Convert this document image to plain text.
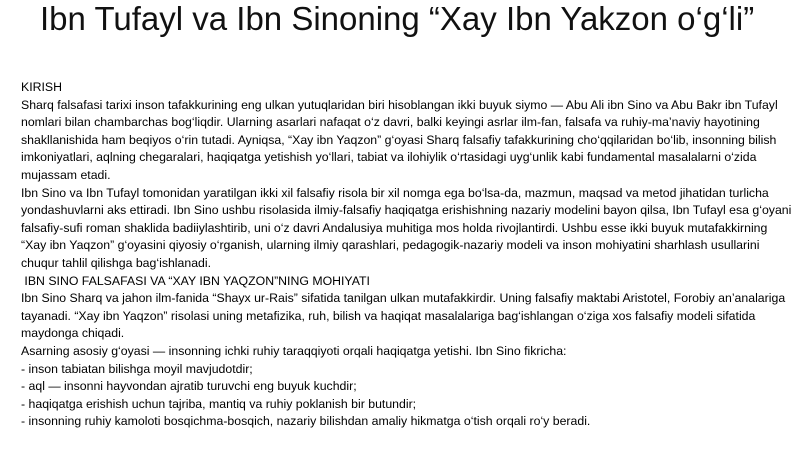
Ibn Tufayl va Ibn Sinoning “Xay Ibn Yakzon o‘g‘li”

KIRISH

Sharq falsafasi tarixi inson tafakkurining eng ulkan yutuqlaridan biri hisoblangan ikki buyuk siymo — Abu Ali ibn Sino va Abu Bakr ibn Tufayl nomlari bilan chambarchas bog‘liqdir. Ularning asarlari nafaqat o‘z davri, balki keyingi asrlar ilm-fan, falsafa va ruhiy-ma’naviy hayotining shakllanishida ham beqiyos o‘rin tutadi. Ayniqsa, “Xay ibn Yaqzon” g‘oyasi Sharq falsafiy tafakkurining cho‘qqilaridan bo‘lib, insonning bilish imkoniyatlari, aqlning chegaralari, haqiqatga yetishish yo‘llari, tabiat va ilohiylik o‘rtasidagi uyg‘unlik kabi fundamental masalalarni o‘zida mujassam etadi.

Ibn Sino va Ibn Tufayl tomonidan yaratilgan ikki xil falsafiy risola bir xil nomga ega bo‘lsa-da, mazmun, maqsad va metod jihatidan turlicha yondashuvlarni aks ettiradi. Ibn Sino ushbu risolasida ilmiy-falsafiy haqiqatga erishishning nazariy modelini bayon qilsa, Ibn Tufayl esa g‘oyani falsafiy-sufi roman shaklida badiiylashtirib, uni o‘z davri Andalusiya muhitiga mos holda rivojlantirdi. Ushbu esse ikki buyuk mutafakkirning “Xay ibn Yaqzon” g‘oyasini qiyosiy o‘rganish, ularning ilmiy qarashlari, pedagogik-nazariy modeli va inson mohiyatini sharhlash usullarini chuqur tahlil qilishga bag‘ishlanadi.

IBN SINO FALSAFASI VA “XAY IBN YAQZON”NING MOHIYATI

Ibn Sino Sharq va jahon ilm-fanida “Shayx ur-Rais” sifatida tanilgan ulkan mutafakkirdir. Uning falsafiy maktabi Aristotel, Forobiy an’analariga tayanadi. “Xay ibn Yaqzon” risolasi uning metafizika, ruh, bilish va haqiqat masalalariga bag‘ishlangan o‘ziga xos falsafiy modeli sifatida maydonga chiqadi.

Asarning asosiy g‘oyasi — insonning ichki ruhiy taraqqiyoti orqali haqiqatga yetishi. Ibn Sino fikricha:

- inson tabiatan bilishga moyil mavjudotdir;

- aql — insonni hayvondan ajratib turuvchi eng buyuk kuchdir;

- haqiqatga erishish uchun tajriba, mantiq va ruhiy poklanish bir butundir;

- insonning ruhiy kamoloti bosqichma-bosqich, nazariy bilishdan amaliy hikmatga o‘tish orqali ro‘y beradi.
